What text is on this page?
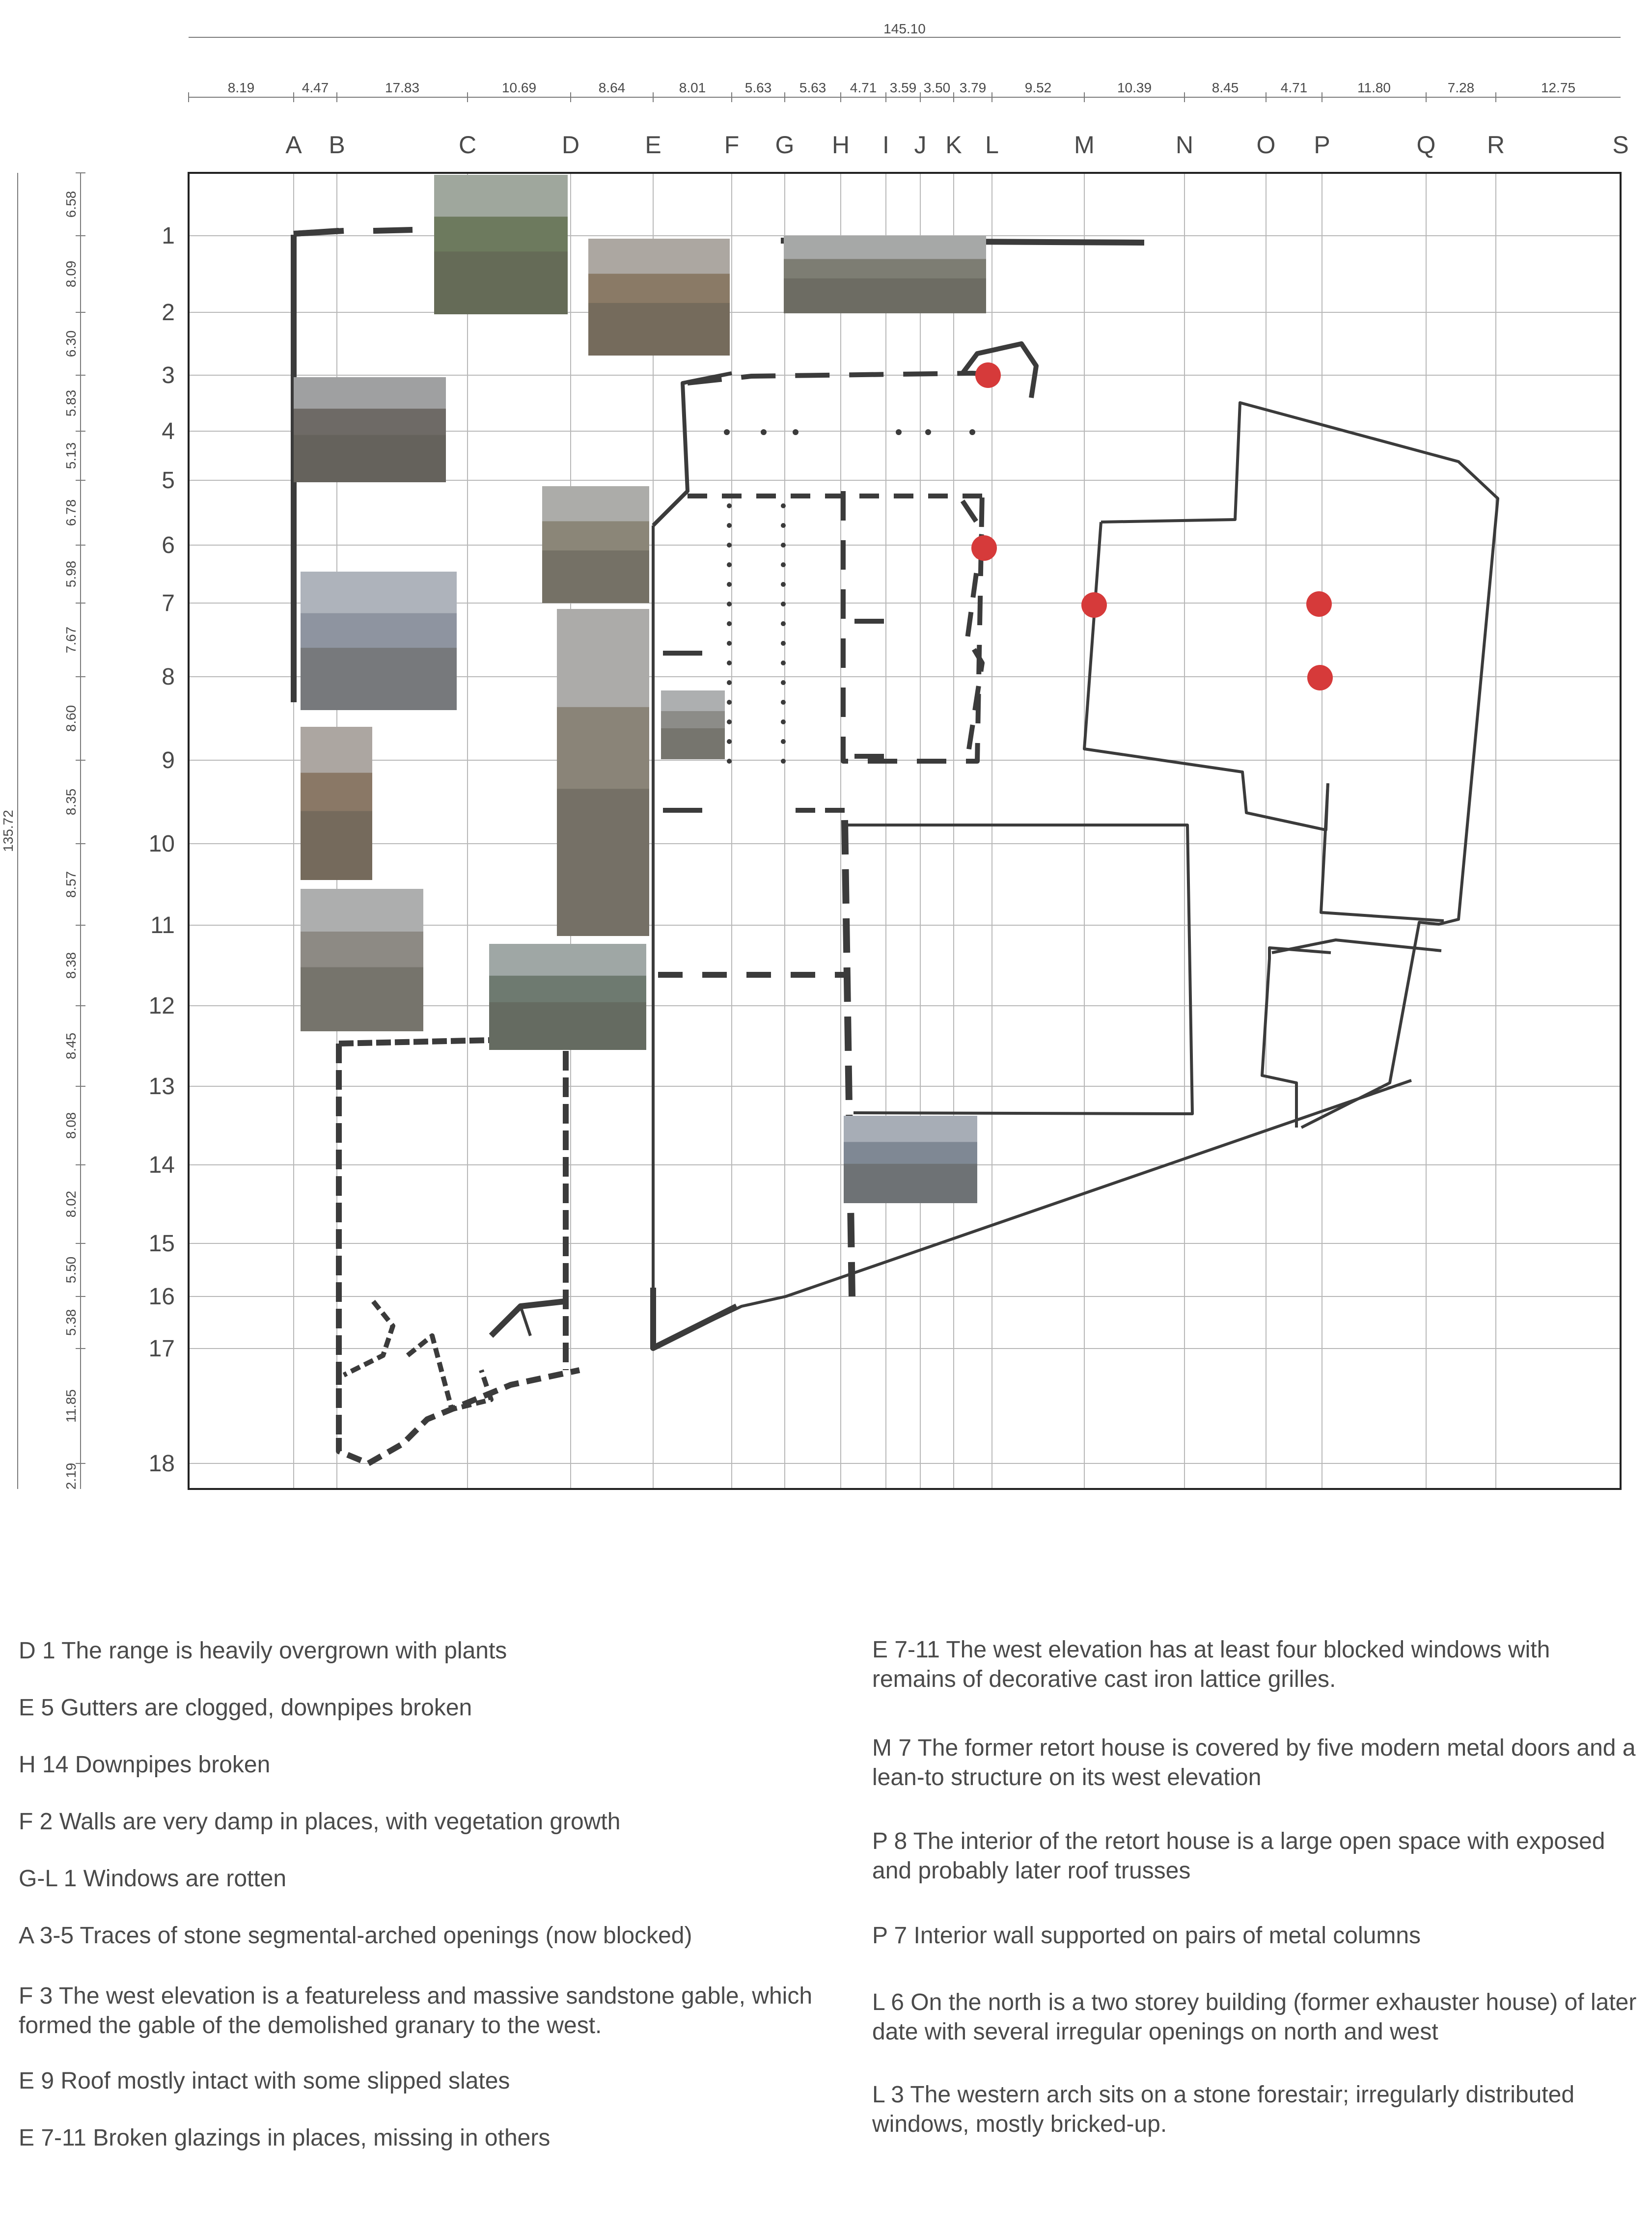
145.10
8.19	4.47	17.83	10.69	8.64	8.01	5.63 5.63 4.71 3.59 3.50 3.79	9.52	10.39	8.45	4.71	11.80	7.28	12.75
135.72
6.58
8.09
6.30
5.83
5.13
6.78
5.98
7.67
8.60
8.35
8.57
8.38
8.45
8.08
8.02
5.50
5.38
11.85
2.19
A B	C	D	E	F G H I J K L	M	N	O P	Q R	S
1
2
3
4
5
6
7
8
9
10
11
12
13
14
15
16
17
18
D 1 The range is heavily overgrown with plants
E 5 Gutters are clogged, downpipes broken
H 14 Downpipes broken
F 2 Walls are very damp in places, with vegetation growth
G-L 1 Windows are rotten
A 3-5 Traces of stone segmental-arched openings (now blocked)
F 3 The west elevation is a featureless and massive sandstone gable, which formed the gable of the demolished granary to the west.
E 9 Roof mostly intact with some slipped slates
E 7-11 Broken glazings in places, missing in others
E 7-11 The west elevation has at least four blocked windows with remains of decorative cast iron lattice grilles.
M 7 The former retort house is covered by five modern metal doors and a lean-to structure on its west elevation
P 8 The interior of the retort house is a large open space with exposed and probably later roof trusses
P 7 Interior wall supported on pairs of metal columns
L 6 On the north is a two storey building (former exhauster house) of later date with several irregular openings on north and west
L 3 The western arch sits on a stone forestair; irregularly distributed windows, mostly bricked-up.
